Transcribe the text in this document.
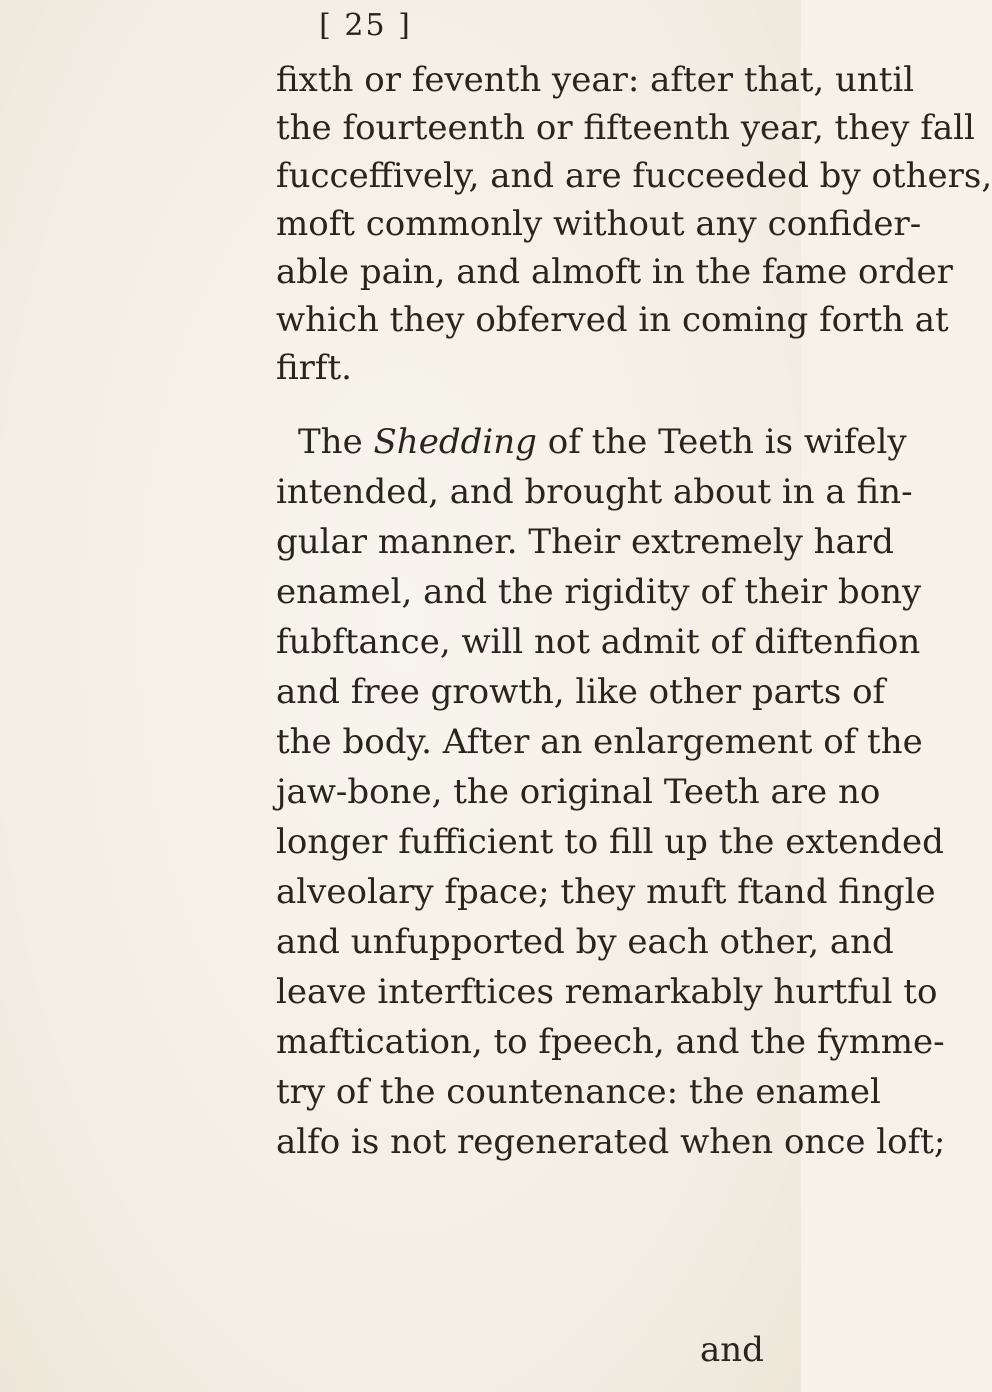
[ 25 ]
fixth or feventh year: after that, until
the fourteenth or fifteenth year, they fall
fucceffively, and are fucceeded by others,
moft commonly without any confider-
able pain, and almoft in the fame order
which they obferved in coming forth at
firft.
The Shedding of the Teeth is wifely
intended, and brought about in a fin-
gular manner. Their extremely hard
enamel, and the rigidity of their bony
fubftance, will not admit of diftenfion
and free growth, like other parts of
the body. After an enlargement of the
jaw-bone, the original Teeth are no
longer fufficient to fill up the extended
alveolary fpace; they muft ftand fingle
and unfupported by each other, and
leave interftices remarkably hurtful to
maftication, to fpeech, and the fymme-
try of the countenance: the enamel
alfo is not regenerated when once loft;
and
